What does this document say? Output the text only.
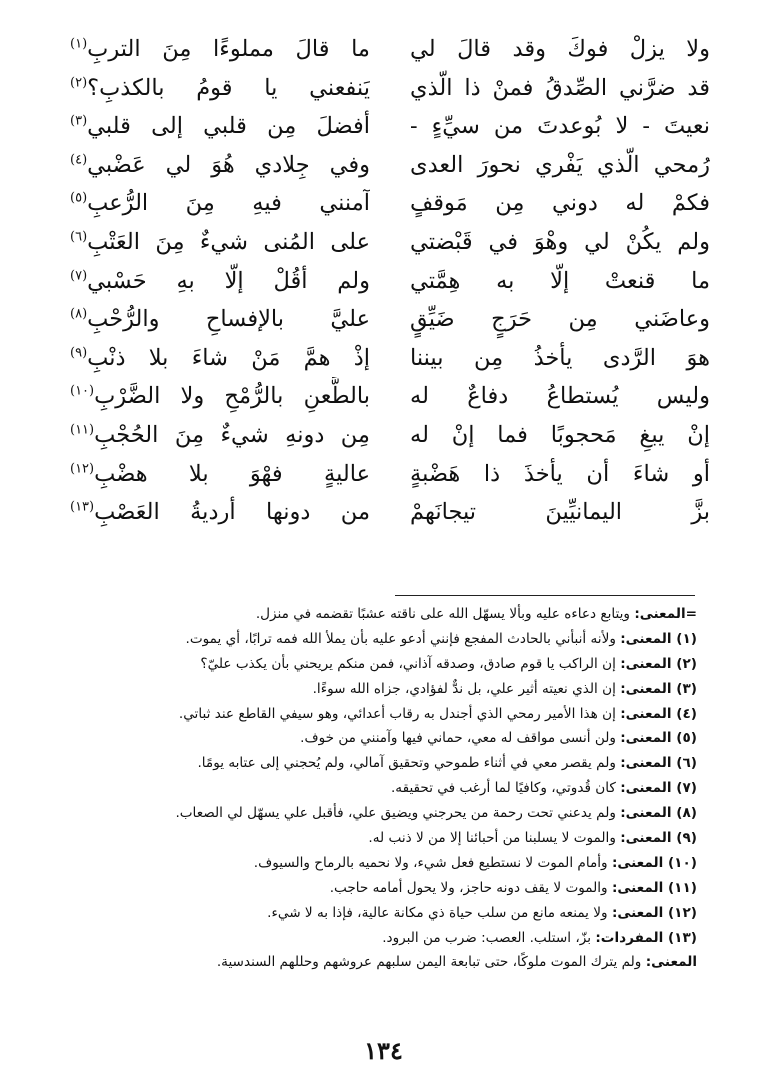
ولا يزلْ فوكَ وقد قالَ لي
ما قالَ مملوءًا مِنَ التربِ$^{(١)}$
قد ضرَّني الصِّدقُ فمنْ ذا الّذي
يَنفعني يا قومُ بالكذبِ؟$^{(٢)}$
نعيتَ - لا بُوعدتَ من سيِّءٍ -
أفضلَ مِن قلبي إلى قلبي$^{(٣)}$
رُمحي الّذي يَفْري نحورَ العدى
وفي جِلادي هُوَ لي عَضْبي$^{(٤)}$
فكمْ له دوني مِن مَوقفٍ
آمنني فيهِ مِنَ الرُّعبِ$^{(٥)}$
ولم يكُنْ لي وهْوَ في قَبْضتي
على المُنى شيءٌ مِنَ العَتْبِ$^{(٦)}$
ما قنعتْ إلّا به هِمَّتي
ولم أقُلْ إلّا بهِ حَسْبي$^{(٧)}$
وعاضَني مِن حَرَجٍ ضَيِّقٍ
عليَّ بالإفساحِ والرُّحْبِ$^{(٨)}$
هوَ الرَّدى يأخذُ مِن بيننا
إذْ همَّ مَنْ شاءَ بلا ذنْبِ$^{(٩)}$
وليس يُستطاعُ دفاعٌ له
بالطَّعنِ بالرُّمْحِ ولا الضَّرْبِ$^{(١٠)}$
إنْ يبغِ مَحجوبًا فما إنْ له
مِن دونهِ شيءٌ مِنَ الحُجْبِ$^{(١١)}$
أو شاءَ أن يأخذَ ذا هَضْبةٍ
عاليةٍ فهْوَ بلا هضْبِ$^{(١٢)}$
بزَّ اليمانيِّينَ تيجانَهمْ
من دونها أرديةُ العَصْبِ$^{(١٣)}$
=المعنى: ويتابع دعاءه عليه وبألا يسهّل الله على ناقته عشبًا تقضمه في منزل.
(١) المعنى: ولأنه أنبأني بالحادث المفجع فإنني أدعو عليه بأن يملأ الله فمه ترابًا، أي يموت.
(٢) المعنى: إن الراكب يا قوم صادق، وصدقه آذاني، فمن منكم يريحني بأن يكذب عليّ؟
(٣) المعنى: إن الذي نعيته أثير علي، بل ندٌّ لفؤادي، جزاه الله سوءًا.
(٤) المعنى: إن هذا الأمير رمحي الذي أجندل به رقاب أعدائي، وهو سيفي القاطع عند ثباتي.
(٥) المعنى: ولن أنسى مواقف له معي، حماني فيها وآمنني من خوف.
(٦) المعنى: ولم يقصر معي في أثناء طموحي وتحقيق آمالي، ولم يُحجني إلى عتابه يومًا.
(٧) المعنى: كان قُدوتي، وكافيًا لما أرغب في تحقيقه.
(٨) المعنى: ولم يدعني تحت رحمة من يحرجني ويضيق علي، فأقبل علي يسهّل لي الصعاب.
(٩) المعنى: والموت لا يسلبنا من أحبائنا إلا من لا ذنب له.
(١٠) المعنى: وأمام الموت لا نستطيع فعل شيء، ولا نحميه بالرماح والسيوف.
(١١) المعنى: والموت لا يقف دونه حاجز، ولا يحول أمامه حاجب.
(١٢) المعنى: ولا يمنعه مانع من سلب حياة ذي مكانة عالية، فإذا به لا شيء.
(١٣) المفردات: بزّ، استلب. العصب: ضرب من البرود.
المعنى: ولم يترك الموت ملوكًا، حتى تبابعة اليمن سلبهم عروشهم وحللهم السندسية.
١٣٤
